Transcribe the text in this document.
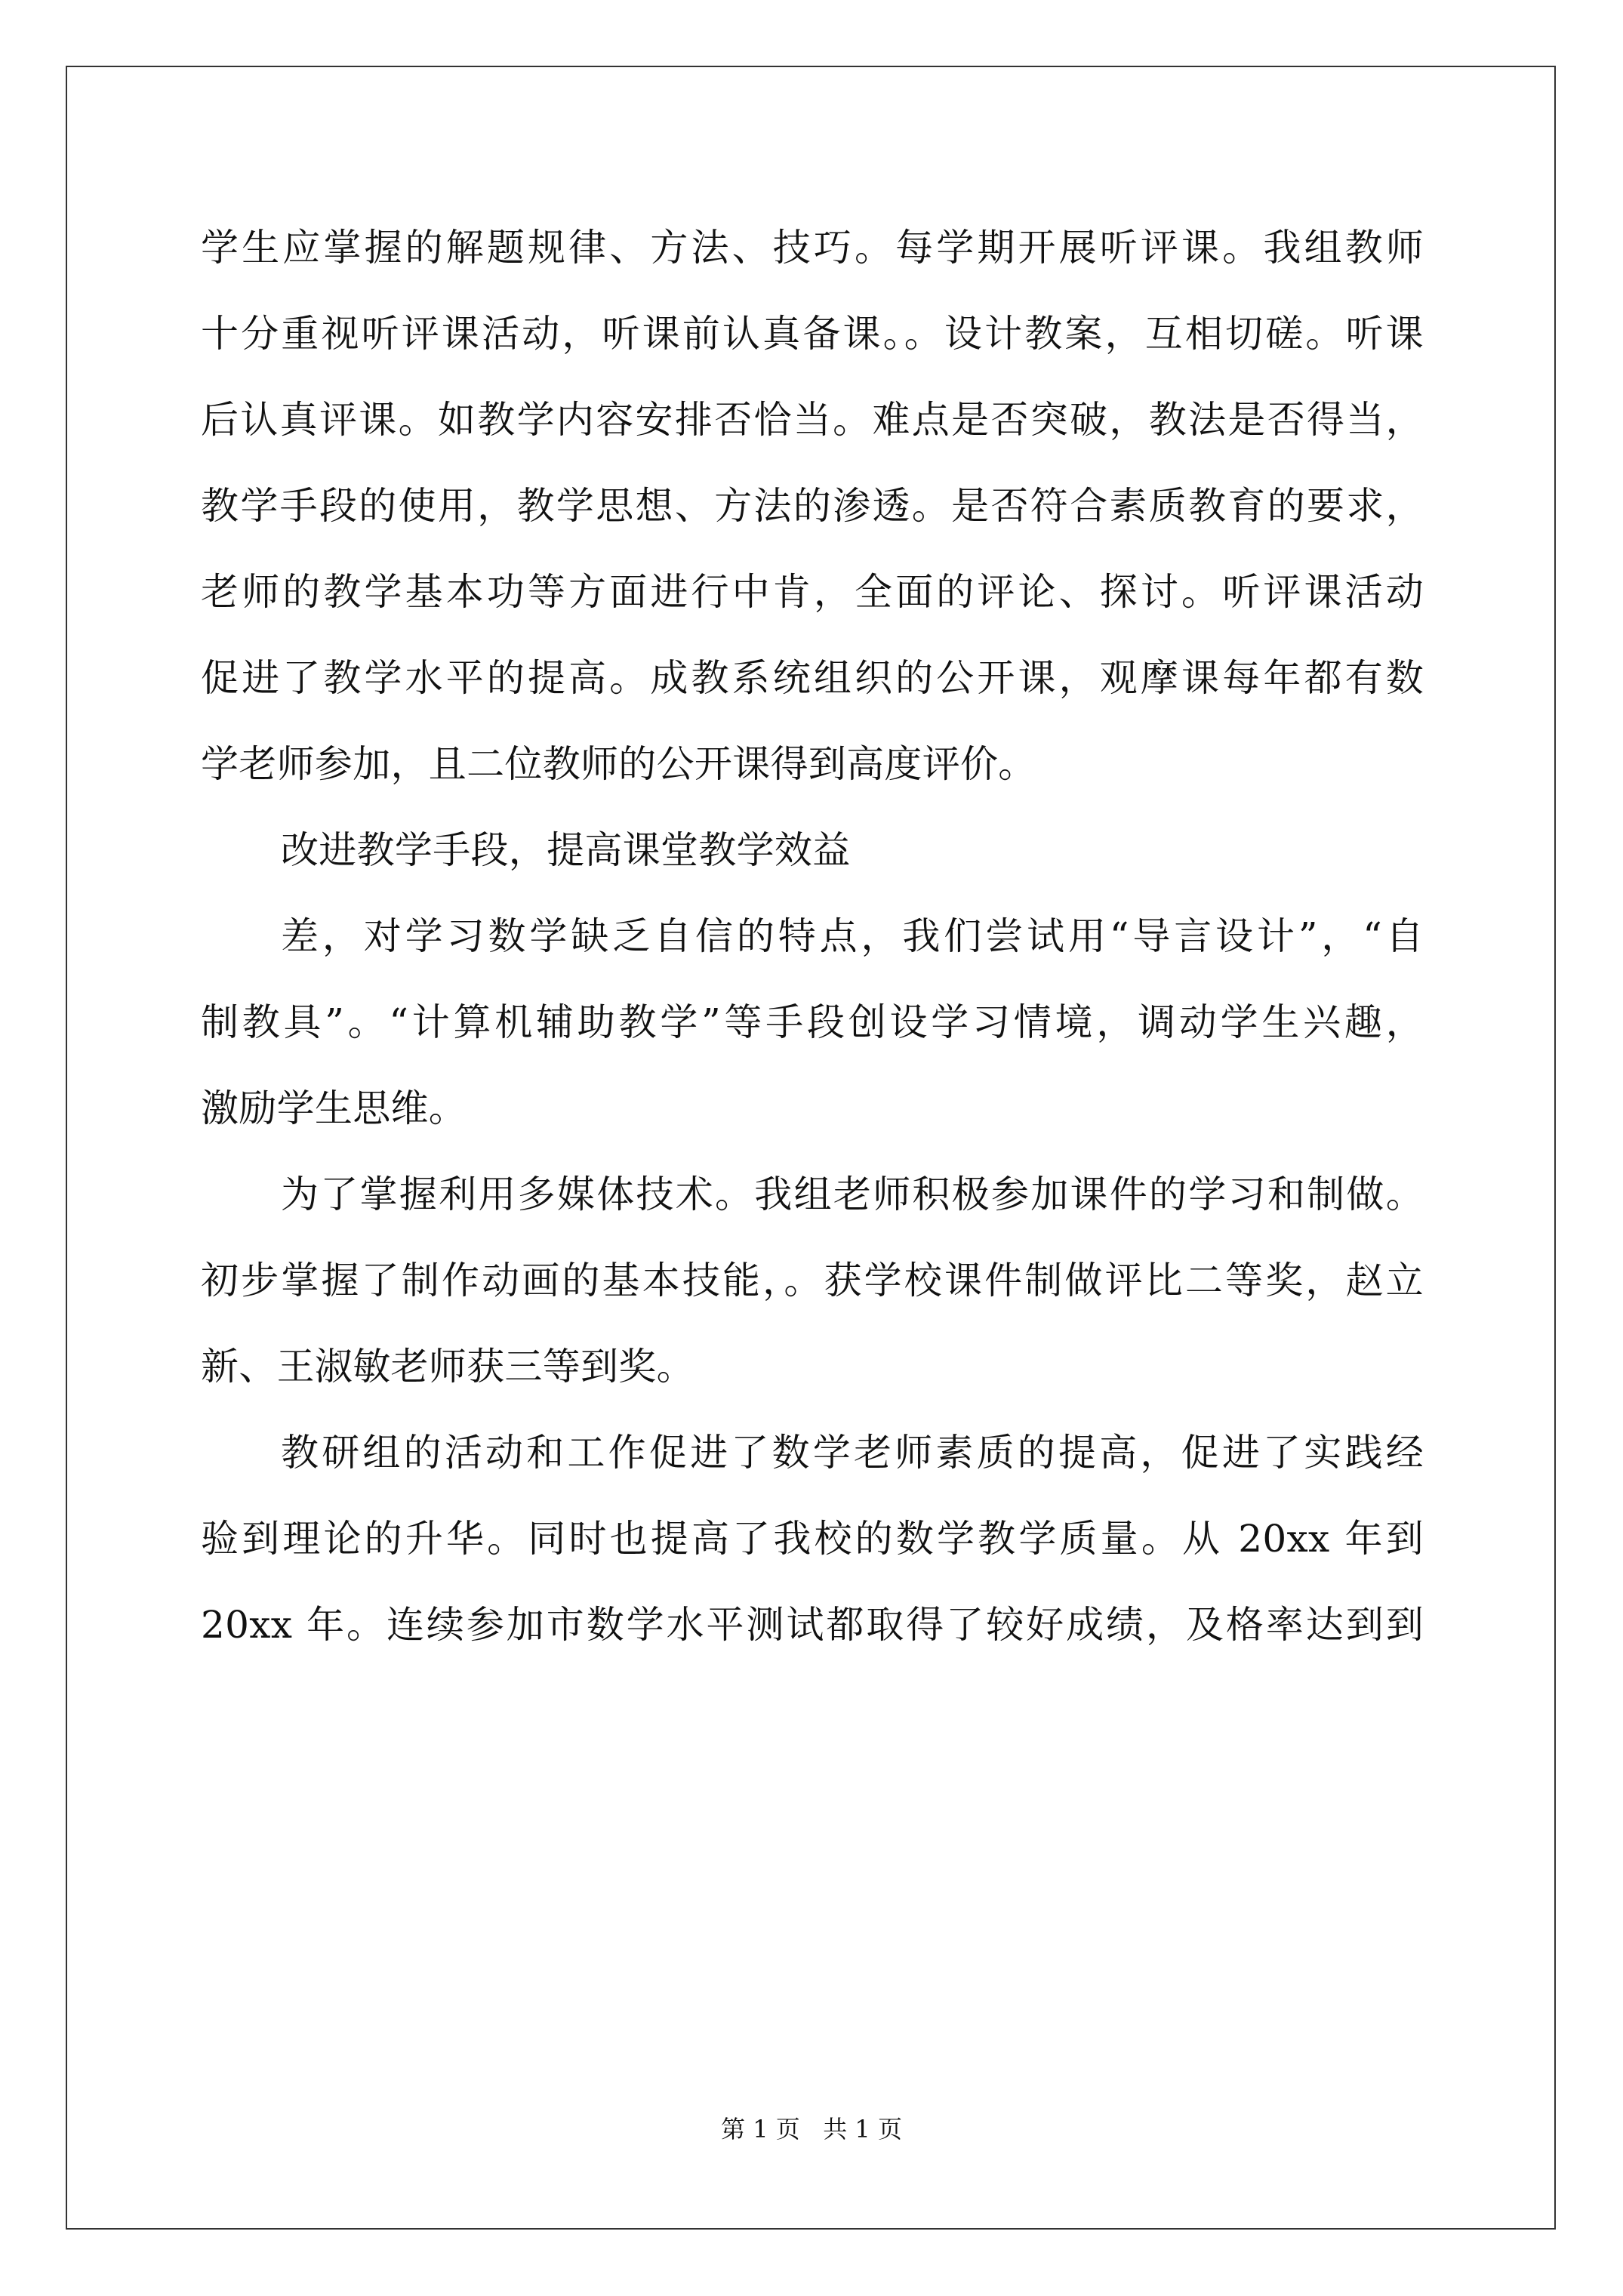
学生应掌握的解题规律、方法、技巧。每学期开展听评课。我组教师
十分重视听评课活动，听课前认真备课。。设计教案，互相切磋。听课
后认真评课。如教学内容安排否恰当。难点是否突破，教法是否得当，
教学手段的使用，教学思想、方法的渗透。是否符合素质教育的要求，
老师的教学基本功等方面进行中肯，全面的评论、探讨。听评课活动
促进了教学水平的提高。成教系统组织的公开课，观摩课每年都有数
学老师参加，且二位教师的公开课得到高度评价。
改进教学手段，提高课堂教学效益
差，对学习数学缺乏自信的特点，我们尝试用“导言设计”，“自
制教具”。“计算机辅助教学”等手段创设学习情境，调动学生兴趣，
激励学生思维。
为了掌握利用多媒体技术。我组老师积极参加课件的学习和制做。
初步掌握了制作动画的基本技能，。获学校课件制做评比二等奖，赵立
新、王淑敏老师获三等到奖。
教研组的活动和工作促进了数学老师素质的提高，促进了实践经
验到理论的升华。同时也提高了我校的数学教学质量。从 20xx 年到
20xx 年。连续参加市数学水平测试都取得了较好成绩，及格率达到到
第 1 页   共 1 页
